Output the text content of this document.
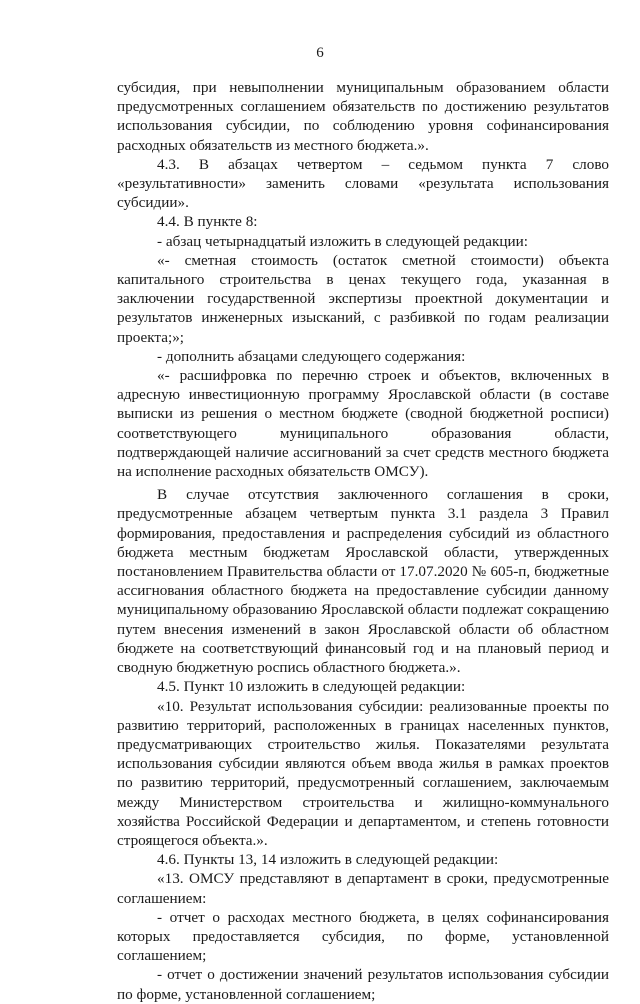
6

субсидия, при невыполнении муниципальным образованием области предусмотренных соглашением обязательств по достижению результатов использования субсидии, по соблюдению уровня софинансирования расходных обязательств из местного бюджета.».

4.3. В абзацах четвертом – седьмом пункта 7 слово «результативности» заменить словами «результата использования субсидии».

4.4. В пункте 8:

- абзац четырнадцатый изложить в следующей редакции:

«- сметная стоимость (остаток сметной стоимости) объекта капитального строительства в ценах текущего года, указанная в заключении государственной экспертизы проектной документации и результатов инженерных изысканий, с разбивкой по годам реализации проекта;»;

- дополнить абзацами следующего содержания:

«- расшифровка по перечню строек и объектов, включенных в адресную инвестиционную программу Ярославской области (в составе выписки из решения о местном бюджете (сводной бюджетной росписи) соответствующего муниципального образования области, подтверждающей наличие ассигнований за счет средств местного бюджета на исполнение расходных обязательств ОМСУ).

В случае отсутствия заключенного соглашения в сроки, предусмотренные абзацем четвертым пункта 3.1 раздела 3 Правил формирования, предоставления и распределения субсидий из областного бюджета местным бюджетам Ярославской области, утвержденных постановлением Правительства области от 17.07.2020 № 605-п, бюджетные ассигнования областного бюджета на предоставление субсидии данному муниципальному образованию Ярославской области подлежат сокращению путем внесения изменений в закон Ярославской области об областном бюджете на соответствующий финансовый год и на плановый период и сводную бюджетную роспись областного бюджета.».

4.5. Пункт 10 изложить в следующей редакции:

«10. Результат использования субсидии: реализованные проекты по развитию территорий, расположенных в границах населенных пунктов, предусматривающих строительство жилья. Показателями результата использования субсидии являются объем ввода жилья в рамках проектов по развитию территорий, предусмотренный соглашением, заключаемым между Министерством строительства и жилищно-коммунального хозяйства Российской Федерации и департаментом, и степень готовности строящегося объекта.».

4.6. Пункты 13, 14 изложить в следующей редакции:

«13. ОМСУ представляют в департамент в сроки, предусмотренные соглашением:

- отчет о расходах местного бюджета, в целях софинансирования которых предоставляется субсидия, по форме, установленной соглашением;

- отчет о достижении значений результатов использования субсидии по форме, установленной соглашением;
